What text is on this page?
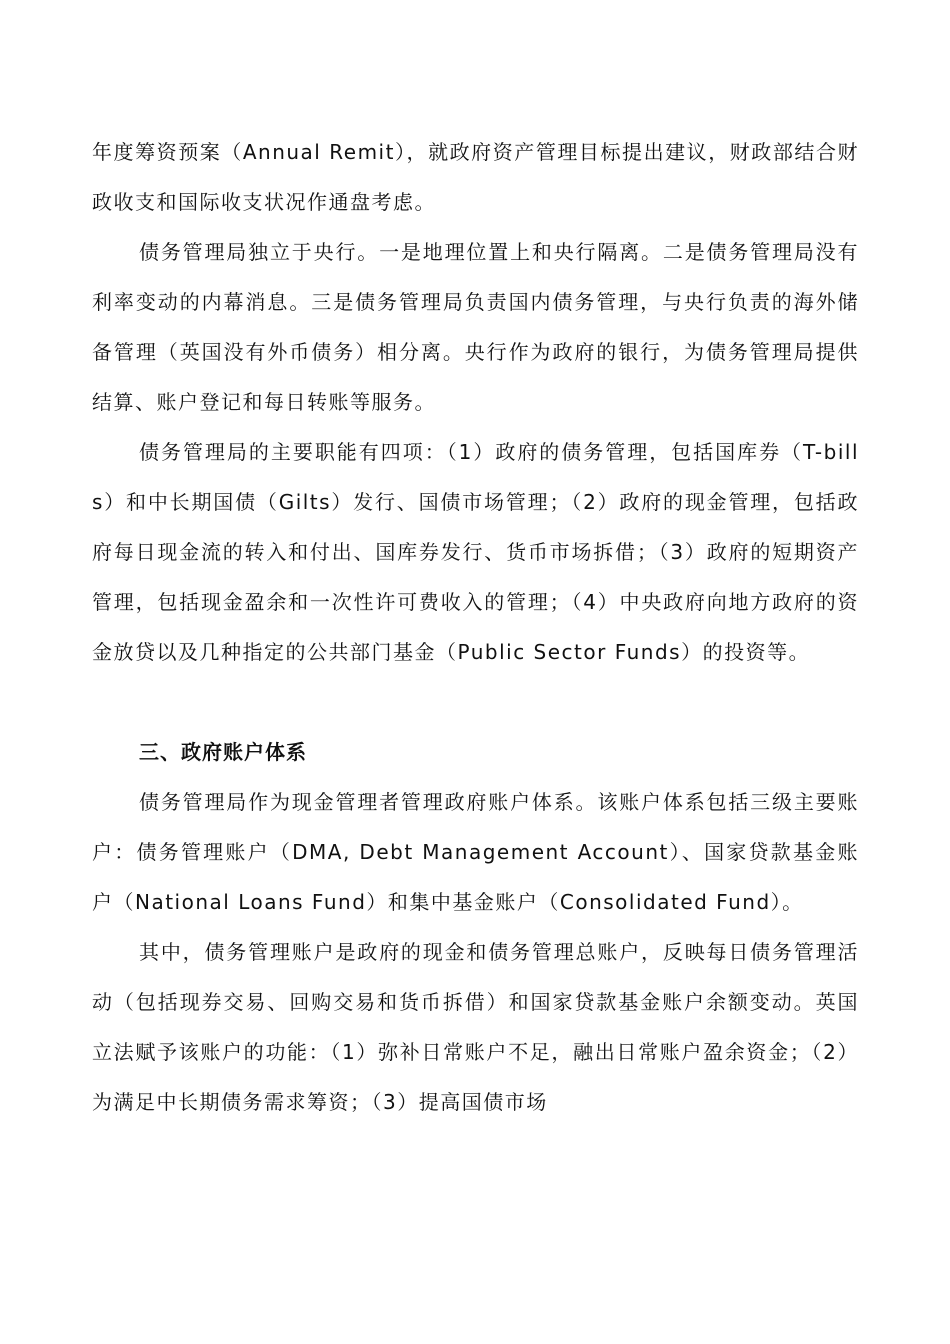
年度筹资预案（Annual Remit），就政府资产管理目标提出建议，财政部结合财政收支和国际收支状况作通盘考虑。

债务管理局独立于央行。一是地理位置上和央行隔离。二是债务管理局没有利率变动的内幕消息。三是债务管理局负责国内债务管理，与央行负责的海外储备管理（英国没有外币债务）相分离。央行作为政府的银行，为债务管理局提供结算、账户登记和每日转账等服务。

债务管理局的主要职能有四项：（1）政府的债务管理，包括国库券（T-bills）和中长期国债（Gilts）发行、国债市场管理；（2）政府的现金管理，包括政府每日现金流的转入和付出、国库券发行、货币市场拆借；（3）政府的短期资产管理，包括现金盈余和一次性许可费收入的管理；（4）中央政府向地方政府的资金放贷以及几种指定的公共部门基金（Public Sector Funds）的投资等。

三、政府账户体系

债务管理局作为现金管理者管理政府账户体系。该账户体系包括三级主要账户：债务管理账户（DMA, Debt Management Account）、国家贷款基金账户（National Loans Fund）和集中基金账户（Consolidated Fund）。

其中，债务管理账户是政府的现金和债务管理总账户，反映每日债务管理活动（包括现券交易、回购交易和货币拆借）和国家贷款基金账户余额变动。英国立法赋予该账户的功能：（1）弥补日常账户不足，融出日常账户盈余资金；（2）为满足中长期债务需求筹资；（3）提高国债市场
